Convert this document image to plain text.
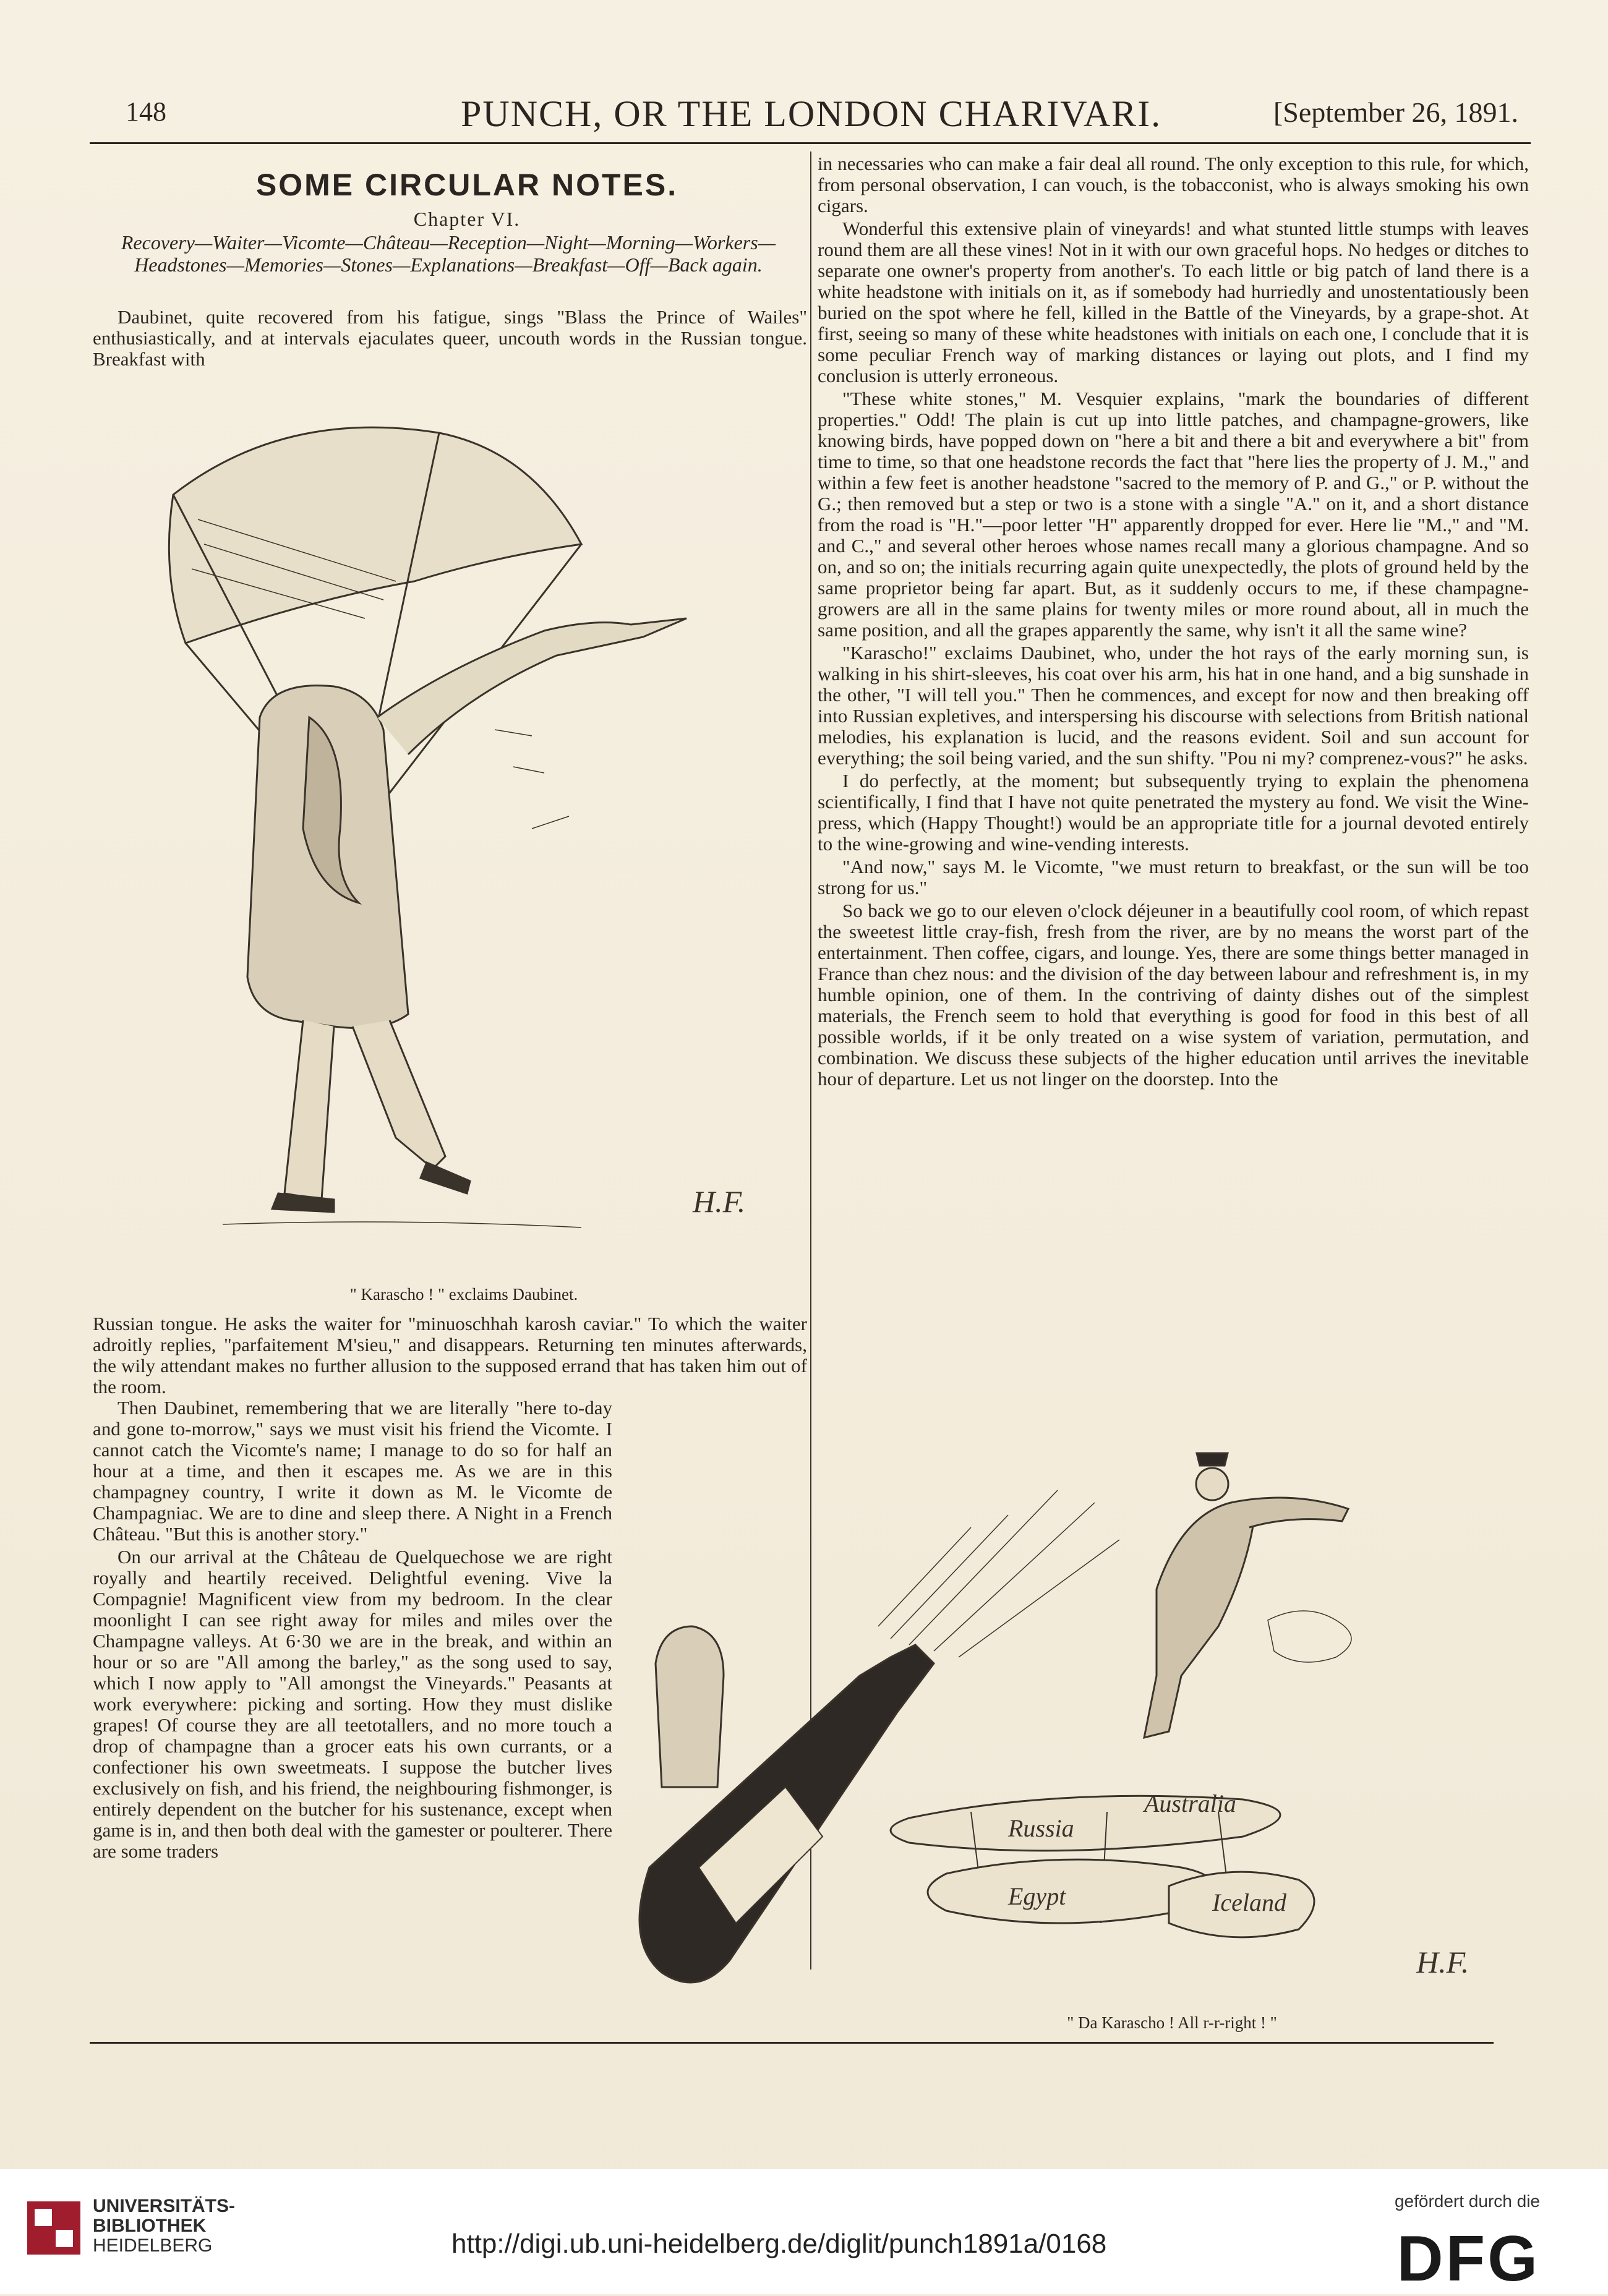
148	PUNCH, OR THE LONDON CHARIVARI.	[September 26, 1891.
SOME CIRCULAR NOTES.
Chapter VI.
Recovery—Waiter—Vicomte—Château—Reception—Night—Morning—Workers—Headstones—Memories—Stones—Explanations—Breakfast—Off—Back again.

Daubinet, quite recovered from his fatigue, sings "Blass the Prince of Wailes" enthusiastically, and at intervals ejaculates queer, uncouth words in the Russian tongue. Breakfast with

H.F.
" Karascho ! " exclaims Daubinet.

Russian tongue. He asks the waiter for "minuoschhah karosh caviar." To which the waiter adroitly replies, "parfaitement M'sieu," and disappears. Returning ten minutes afterwards, the wily attendant makes no further allusion to the supposed errand that has taken him out of the room.

Then Daubinet, remembering that we are literally "here to-day and gone to-morrow," says we must visit his friend the Vicomte. I cannot catch the Vicomte's name; I manage to do so for half an hour at a time, and then it escapes me. As we are in this champagney country, I write it down as M. le Vicomte de Champagniac. We are to dine and sleep there. A Night in a French Château. "But this is another story."

On our arrival at the Château de Quelquechose we are right royally and heartily received. Delightful evening. Vive la Compagnie! Magnificent view from my bedroom. In the clear moonlight I can see right away for miles and miles over the Champagne valleys. At 6·30 we are in the break, and within an hour or so are "All among the barley," as the song used to say, which I now apply to "All amongst the Vineyards." Peasants at work everywhere: picking and sorting. How they must dislike grapes! Of course they are all teetotallers, and no more touch a drop of champagne than a grocer eats his own currants, or a confectioner his own sweetmeats. I suppose the butcher lives exclusively on fish, and his friend, the neighbouring fishmonger, is entirely dependent on the butcher for his sustenance, except when game is in, and then both deal with the gamester or poulterer. There are some traders

in necessaries who can make a fair deal all round. The only exception to this rule, for which, from personal observation, I can vouch, is the tobacconist, who is always smoking his own cigars.

Wonderful this extensive plain of vineyards! and what stunted little stumps with leaves round them are all these vines! Not in it with our own graceful hops. No hedges or ditches to separate one owner's property from another's. To each little or big patch of land there is a white headstone with initials on it, as if somebody had hurriedly and unostentatiously been buried on the spot where he fell, killed in the Battle of the Vineyards, by a grape-shot. At first, seeing so many of these white headstones with initials on each one, I conclude that it is some peculiar French way of marking distances or laying out plots, and I find my conclusion is utterly erroneous.

"These white stones," M. Vesquier explains, "mark the boundaries of different properties." Odd! The plain is cut up into little patches, and champagne-growers, like knowing birds, have popped down on "here a bit and there a bit and everywhere a bit" from time to time, so that one headstone records the fact that "here lies the property of J. M.," and within a few feet is another headstone "sacred to the memory of P. and G.," or P. without the G.; then removed but a step or two is a stone with a single "A." on it, and a short distance from the road is "H."—poor letter "H" apparently dropped for ever. Here lie "M.," and "M. and C.," and several other heroes whose names recall many a glorious champagne. And so on, and so on; the initials recurring again quite unexpectedly, the plots of ground held by the same proprietor being far apart. But, as it suddenly occurs to me, if these champagne-growers are all in the same plains for twenty miles or more round about, all in much the same position, and all the grapes apparently the same, why isn't it all the same wine?

"Karascho!" exclaims Daubinet, who, under the hot rays of the early morning sun, is walking in his shirt-sleeves, his coat over his arm, his hat in one hand, and a big sunshade in the other, "I will tell you." Then he commences, and except for now and then breaking off into Russian expletives, and interspersing his discourse with selections from British national melodies, his explanation is lucid, and the reasons evident. Soil and sun account for everything; the soil being varied, and the sun shifty. "Pou ni my? comprenez-vous?" he asks.

I do perfectly, at the moment; but subsequently trying to explain the phenomena scientifically, I find that I have not quite penetrated the mystery au fond. We visit the Wine-press, which (Happy Thought!) would be an appropriate title for a journal devoted entirely to the wine-growing and wine-vending interests.

"And now," says M. le Vicomte, "we must return to breakfast, or the sun will be too strong for us."

So back we go to our eleven o'clock déjeuner in a beautifully cool room, of which repast the sweetest little cray-fish, fresh from the river, are by no means the worst part of the entertainment. Then coffee, cigars, and lounge. Yes, there are some things better managed in France than chez nous: and the division of the day between labour and refreshment is, in my humble opinion, one of them. In the contriving of dainty dishes out of the simplest materials, the French seem to hold that everything is good for food in this best of all possible worlds, if it be only treated on a wise system of variation, permutation, and combination. We discuss these subjects of the higher education until arrives the inevitable hour of departure. Let us not linger on the doorstep. Into the

H.F.
Russia
Australia
Egypt	Iceland
" Da Karascho ! All r-r-right ! "
UNIVERSITÄTS-
BIBLIOTHEK
HEIDELBERG	http://digi.ub.uni-heidelberg.de/diglit/punch1891a/0168
gefördert durch die
DFG
